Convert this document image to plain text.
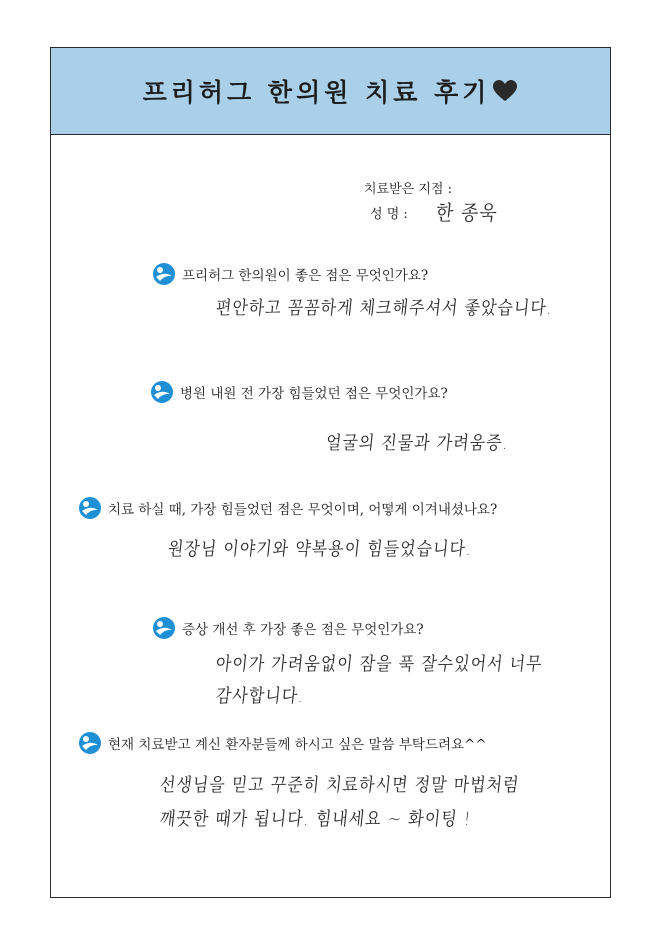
프리허그 한의원 치료 후기
치료받은 지점 :
성 명 : 한 종욱
프리허그 한의원이 좋은 점은 무엇인가요?
편안하고 꼼꼼하게 체크해주셔서 좋았습니다.
병원 내원 전 가장 힘들었던 점은 무엇인가요?
얼굴의 진물과 가려움증.
치료 하실 때, 가장 힘들었던 점은 무엇이며, 어떻게 이겨내셨나요?
원장님 이야기와 약복용이 힘들었습니다.
증상 개선 후 가장 좋은 점은 무엇인가요?
아이가 가려움없이 잠을 푹 잘수있어서 너무
감사합니다.
현재 치료받고 계신 환자분들께 하시고 싶은 말씀 부탁드려요^^
선생님을 믿고 꾸준히 치료하시면 정말 마법처럼
깨끗한 때가 됩니다. 힘내세요 ~ 화이팅 !
